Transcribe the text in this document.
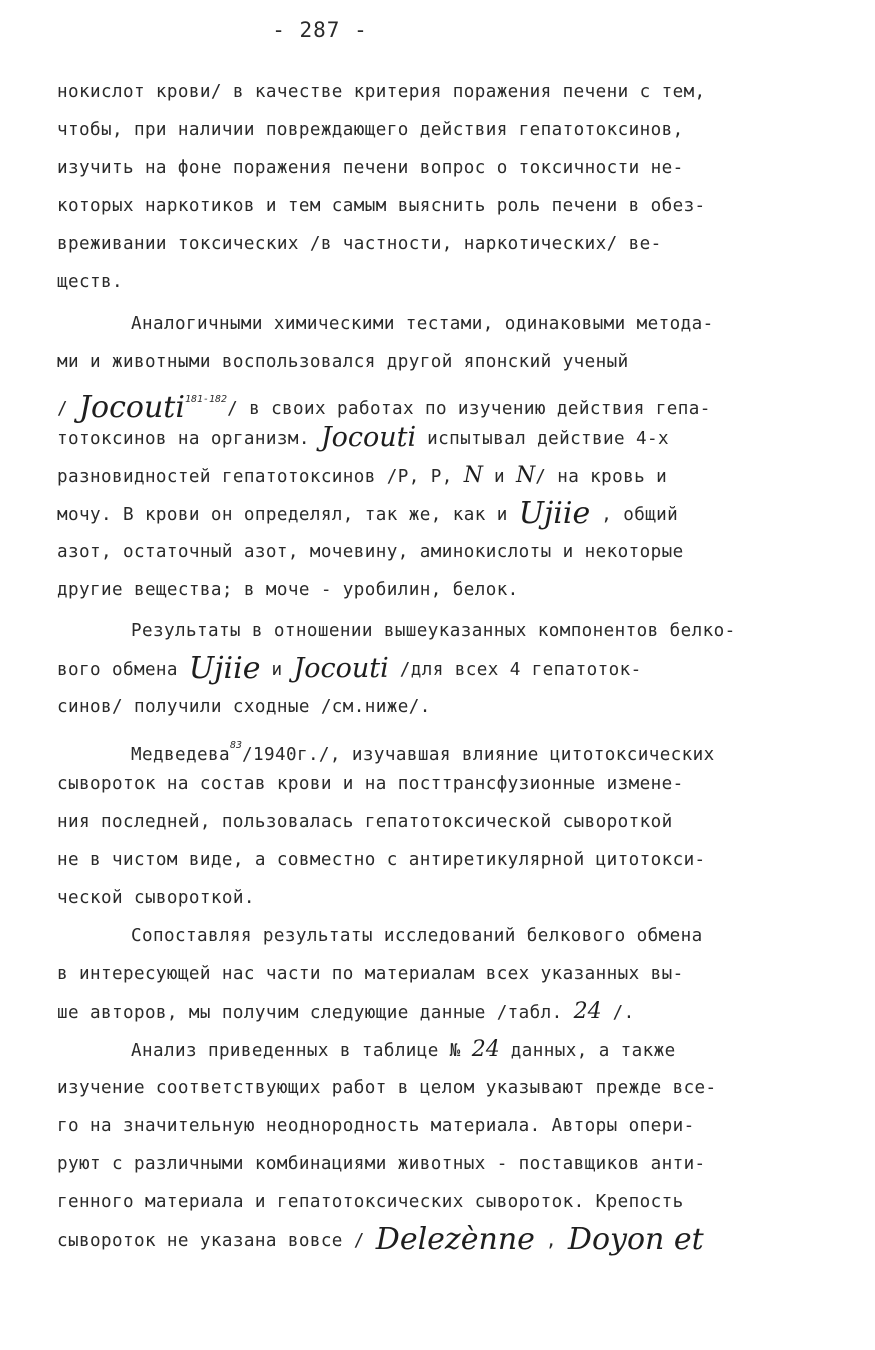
- 287 -
нокислот крови/ в качестве критерия поражения печени с тем,
чтобы, при наличии повреждающего действия гепатотоксинов,
изучить на фоне поражения печени вопрос о токсичности не-
которых наркотиков и тем самым выяснить роль печени в обез-
вреживании токсических /в частности, наркотических/ ве-
ществ.
Аналогичными химическими тестами, одинаковыми метода-
ми и животными воспользовался другой японский ученый
/ Jocouti$^{181-182}$/ в своих работах по изучению действия гепа-
тотоксинов на организм. Jocouti испытывал действие 4-х
разновидностей гепатотоксинов /P, P, N и N/ на кровь и
мочу. В крови он определял, так же, как и Ujiie , общий
азот, остаточный азот, мочевину, аминокислоты и некоторые
другие вещества; в моче - уробилин, белок.
Результаты в отношении вышеуказанных компонентов белко-
вого обмена Ujiie и Jocouti /для всех 4 гепатоток-
синов/ получили сходные /см.ниже/.
Медведева$^{83}$/1940г./, изучавшая влияние цитотоксических
сывороток на состав крови и на посттрансфузионные измене-
ния последней, пользовалась гепатотоксической сывороткой
не в чистом виде, а совместно с антиретикулярной цитотокси-
ческой сывороткой.
Сопоставляя результаты исследований белкового обмена
в интересующей нас части по материалам всех указанных вы-
ше авторов, мы получим следующие данные /табл. 24 /.
Анализ приведенных в таблице № 24 данных, а также
изучение соответствующих работ в целом указывают прежде все-
го на значительную неоднородность материала. Авторы опери-
руют с различными комбинациями животных - поставщиков анти-
генного материала и гепатотоксических сывороток. Крепость
сывороток не указана вовсе / Delezènne , Doyon et
